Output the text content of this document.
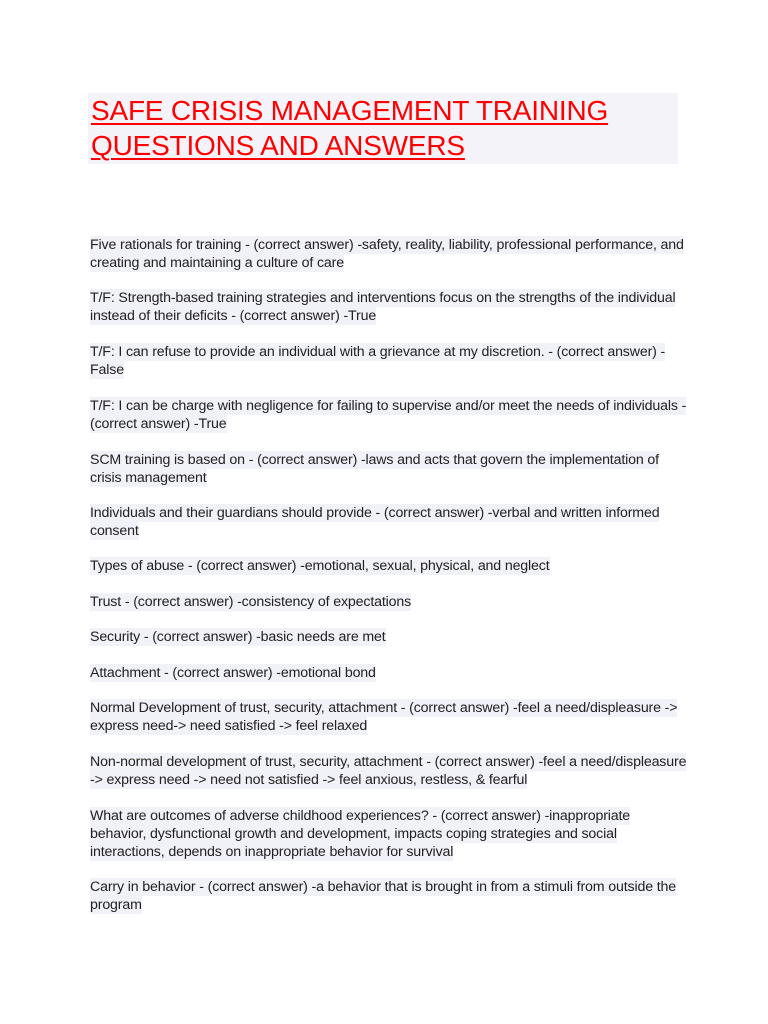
SAFE CRISIS MANAGEMENT TRAINING
QUESTIONS AND ANSWERS
Five rationals for training - (correct answer) -safety, reality, liability, professional performance, and creating and maintaining a culture of care
T/F: Strength-based training strategies and interventions focus on the strengths of the individual instead of their deficits - (correct answer) -True
T/F: I can refuse to provide an individual with a grievance at my discretion. - (correct answer) -False
T/F: I can be charge with negligence for failing to supervise and/or meet the needs of individuals - (correct answer) -True
SCM training is based on - (correct answer) -laws and acts that govern the implementation of crisis management
Individuals and their guardians should provide - (correct answer) -verbal and written informed consent
Types of abuse - (correct answer) -emotional, sexual, physical, and neglect
Trust - (correct answer) -consistency of expectations
Security - (correct answer) -basic needs are met
Attachment - (correct answer) -emotional bond
Normal Development of trust, security, attachment - (correct answer) -feel a need/displeasure -> express need-> need satisfied -> feel relaxed
Non-normal development of trust, security, attachment - (correct answer) -feel a need/displeasure -> express need -> need not satisfied -> feel anxious, restless, & fearful
What are outcomes of adverse childhood experiences? - (correct answer) -inappropriate behavior, dysfunctional growth and development, impacts coping strategies and social interactions, depends on inappropriate behavior for survival
Carry in behavior - (correct answer) -a behavior that is brought in from a stimuli from outside the program
